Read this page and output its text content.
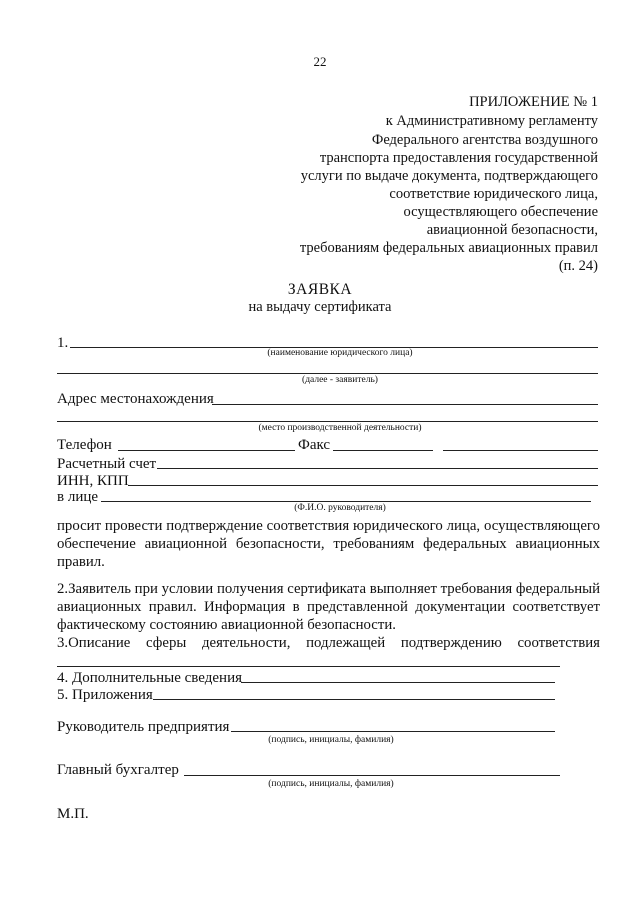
22
ПРИЛОЖЕНИЕ № 1
к Административному регламенту
Федерального агентства воздушного
транспорта предоставления государственной
услуги по выдаче документа, подтверждающего
соответствие юридического лица,
осуществляющего обеспечение
авиационной безопасности,
требованиям федеральных авиационных правил
(п. 24)
ЗАЯВКА
на выдачу сертификата
1.
(наименование юридического лица)
(далее - заявитель)
Адрес местонахождения
(место производственной деятельности)
Телефон	Факс
Расчетный счет
ИНН, КПП
в лице
(Ф.И.О. руководителя)
просит провести подтверждение соответствия юридического лица, осуществляющего обеспечение авиационной безопасности, требованиям федеральных авиационных правил.
2.Заявитель при условии получения сертификата выполняет требования федеральный авиационных правил. Информация в представленной документации соответствует фактическому состоянию авиационной безопасности.
3.Описание сферы деятельности, подлежащей подтверждению соответствия
4. Дополнительные сведения
5. Приложения
Руководитель предприятия
(подпись, инициалы, фамилия)
Главный бухгалтер
(подпись, инициалы, фамилия)
М.П.
